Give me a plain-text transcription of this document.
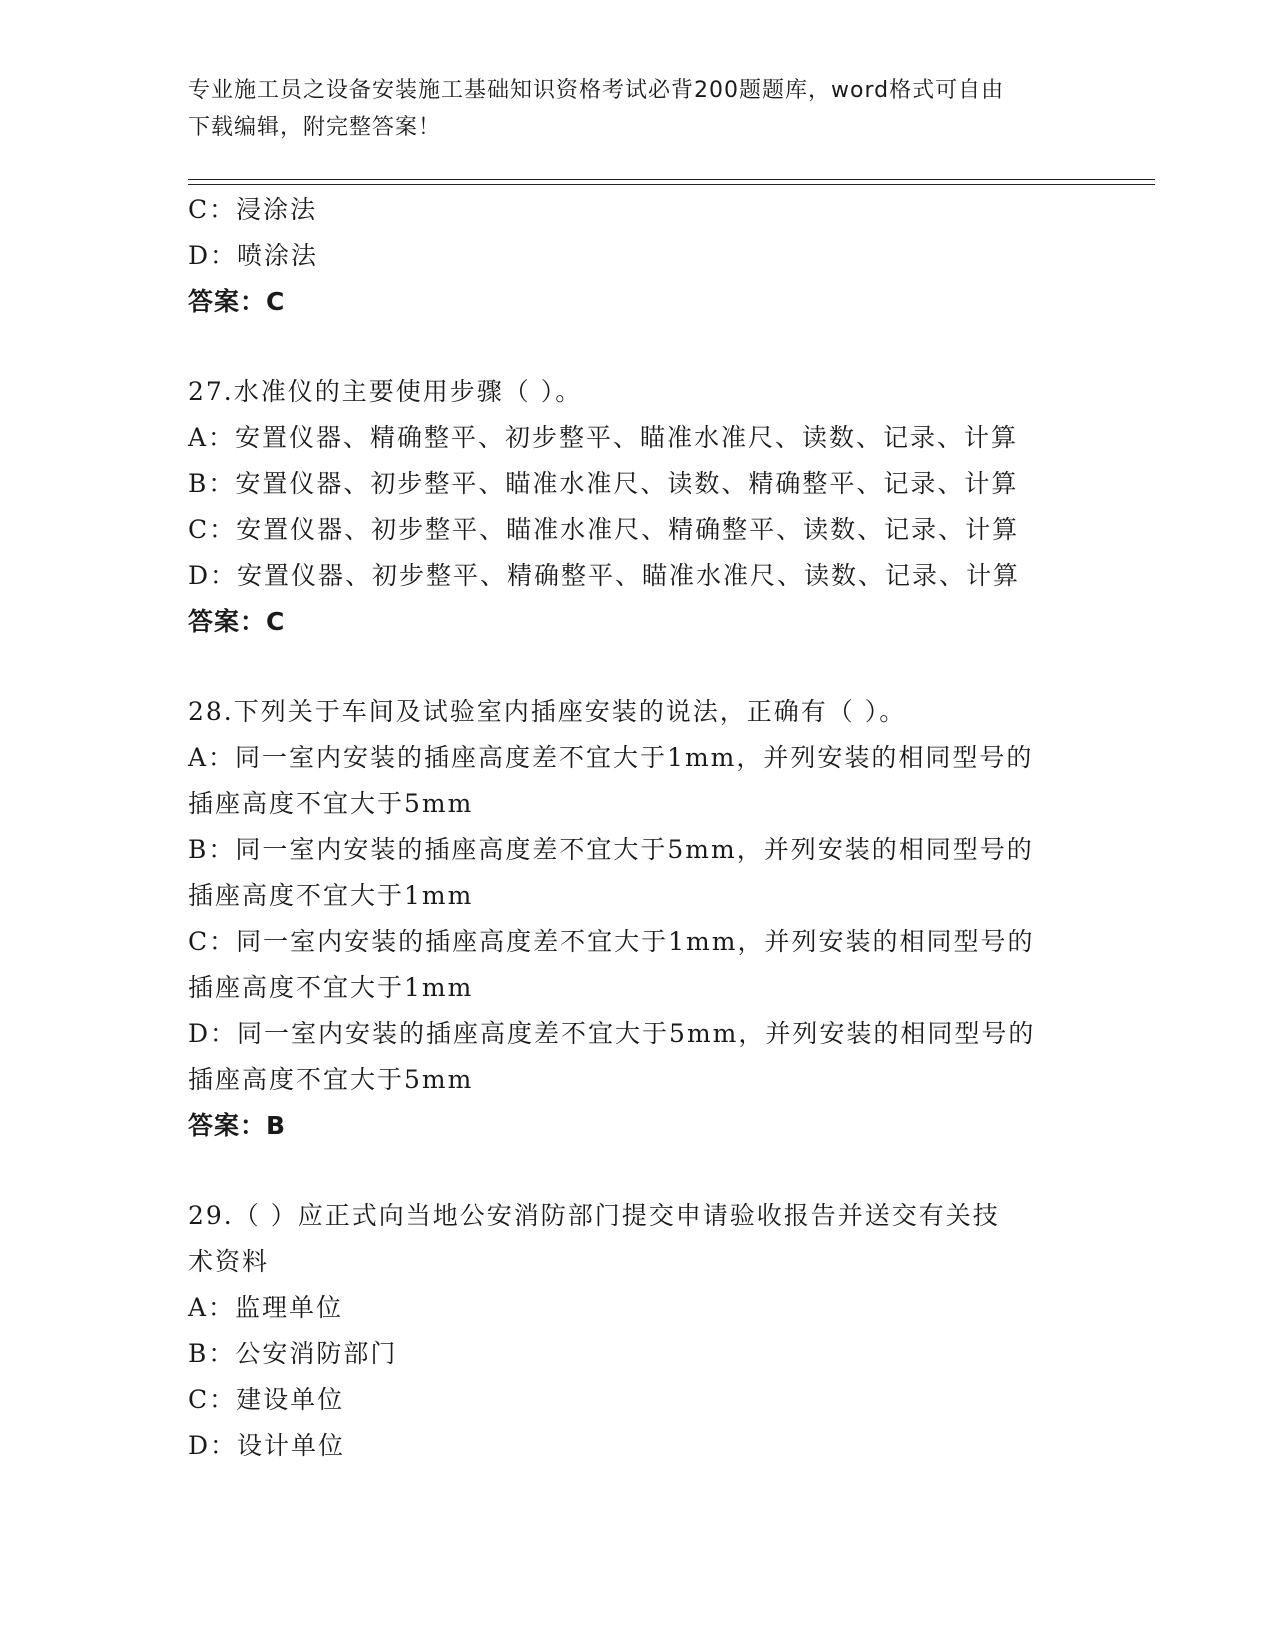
专业施工员之设备安装施工基础知识资格考试必背200题题库，word格式可自由
下载编辑，附完整答案！
C：浸涂法
D：喷涂法
答案：C
27.水准仪的主要使用步骤（ ）。
A：安置仪器、精确整平、初步整平、瞄准水准尺、读数、记录、计算
B：安置仪器、初步整平、瞄准水准尺、读数、精确整平、记录、计算
C：安置仪器、初步整平、瞄准水准尺、精确整平、读数、记录、计算
D：安置仪器、初步整平、精确整平、瞄准水准尺、读数、记录、计算
答案：C
28.下列关于车间及试验室内插座安装的说法，正确有（ ）。
A：同一室内安装的插座高度差不宜大于1mm，并列安装的相同型号的
插座高度不宜大于5mm
B：同一室内安装的插座高度差不宜大于5mm，并列安装的相同型号的
插座高度不宜大于1mm
C：同一室内安装的插座高度差不宜大于1mm，并列安装的相同型号的
插座高度不宜大于1mm
D：同一室内安装的插座高度差不宜大于5mm，并列安装的相同型号的
插座高度不宜大于5mm
答案：B
29.（ ）应正式向当地公安消防部门提交申请验收报告并送交有关技
术资料
A：监理单位
B：公安消防部门
C：建设单位
D：设计单位
